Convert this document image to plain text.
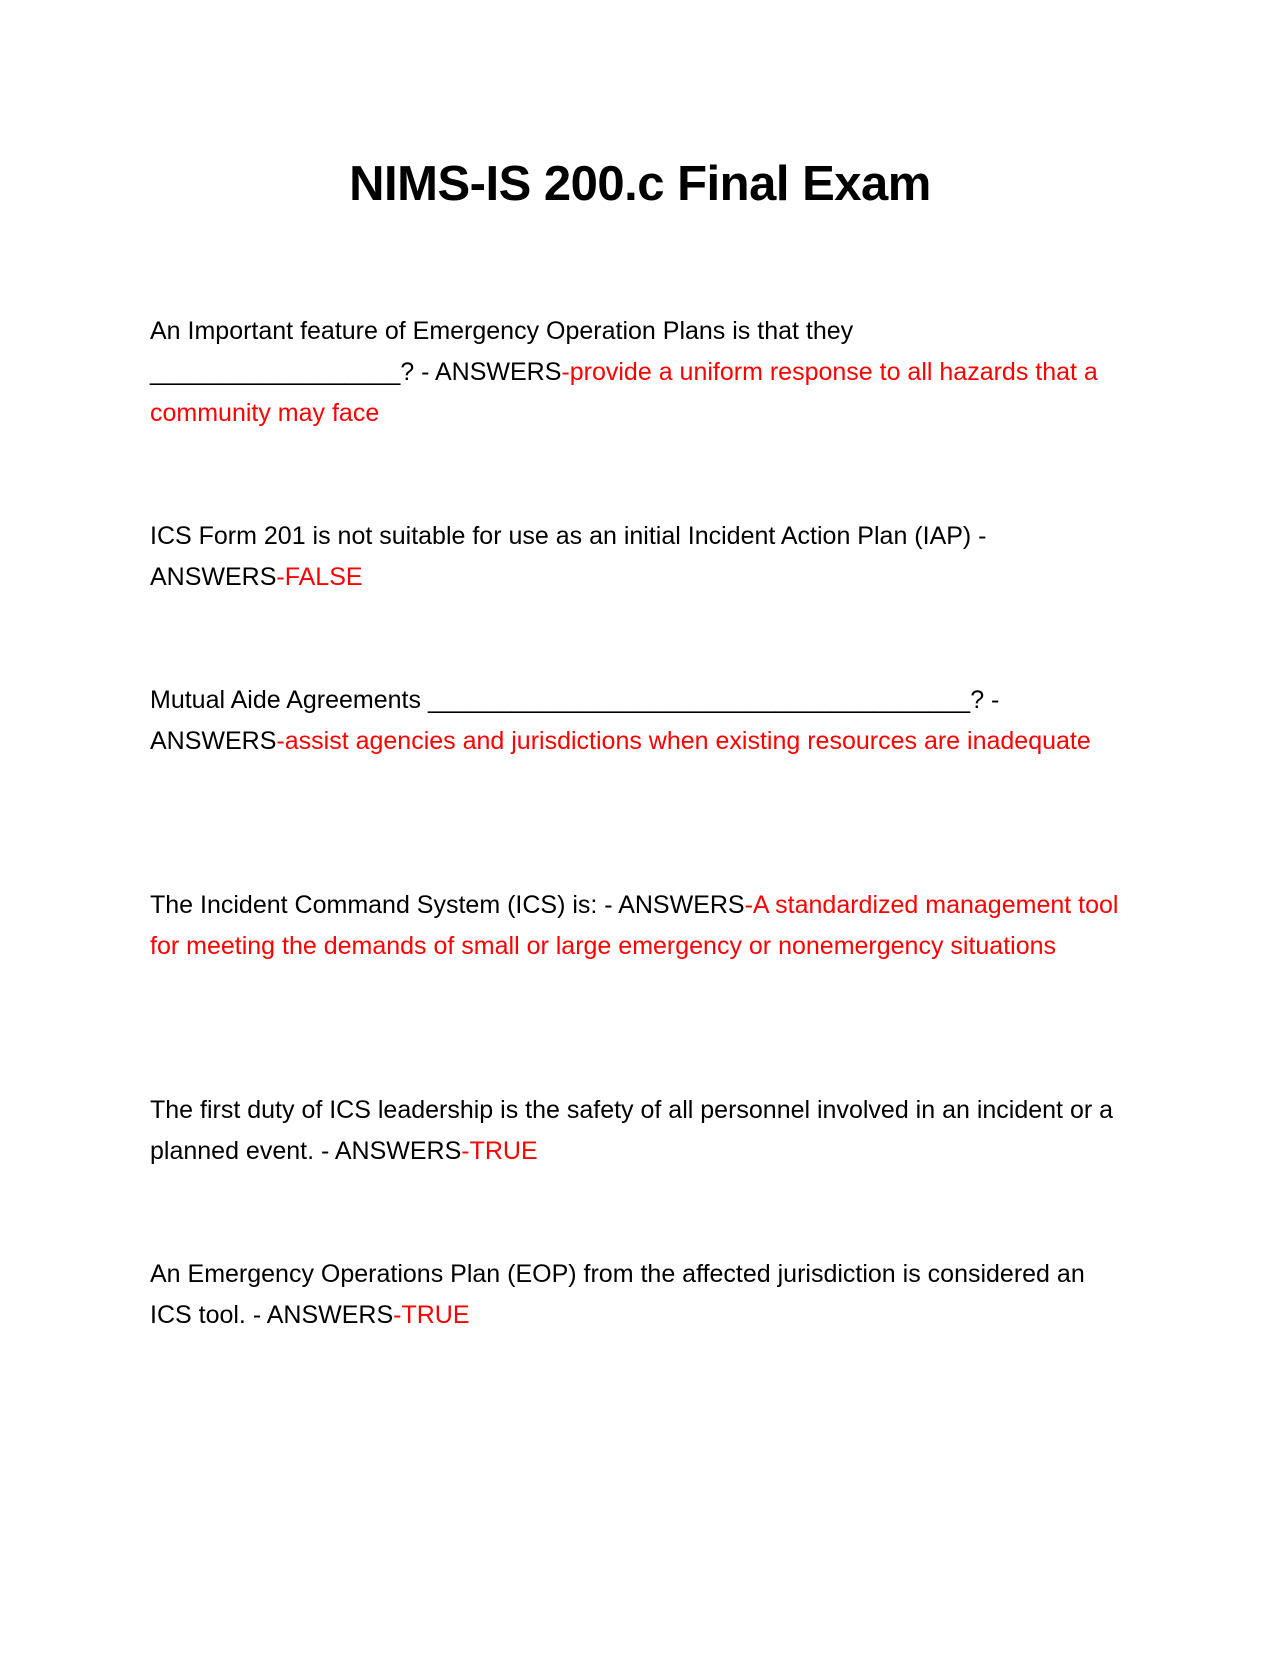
NIMS-IS 200.c Final Exam

An Important feature of Emergency Operation Plans is that they
__________________? - ANSWERS-provide a uniform response to all hazards that a community may face

ICS Form 201 is not suitable for use as an initial Incident Action Plan (IAP) -
ANSWERS-FALSE

Mutual Aide Agreements _______________________________________? -
ANSWERS-assist agencies and jurisdictions when existing resources are inadequate

The Incident Command System (ICS) is: - ANSWERS-A standardized management tool for meeting the demands of small or large emergency or nonemergency situations

The first duty of ICS leadership is the safety of all personnel involved in an incident or a planned event. - ANSWERS-TRUE

An Emergency Operations Plan (EOP) from the affected jurisdiction is considered an ICS tool. - ANSWERS-TRUE
